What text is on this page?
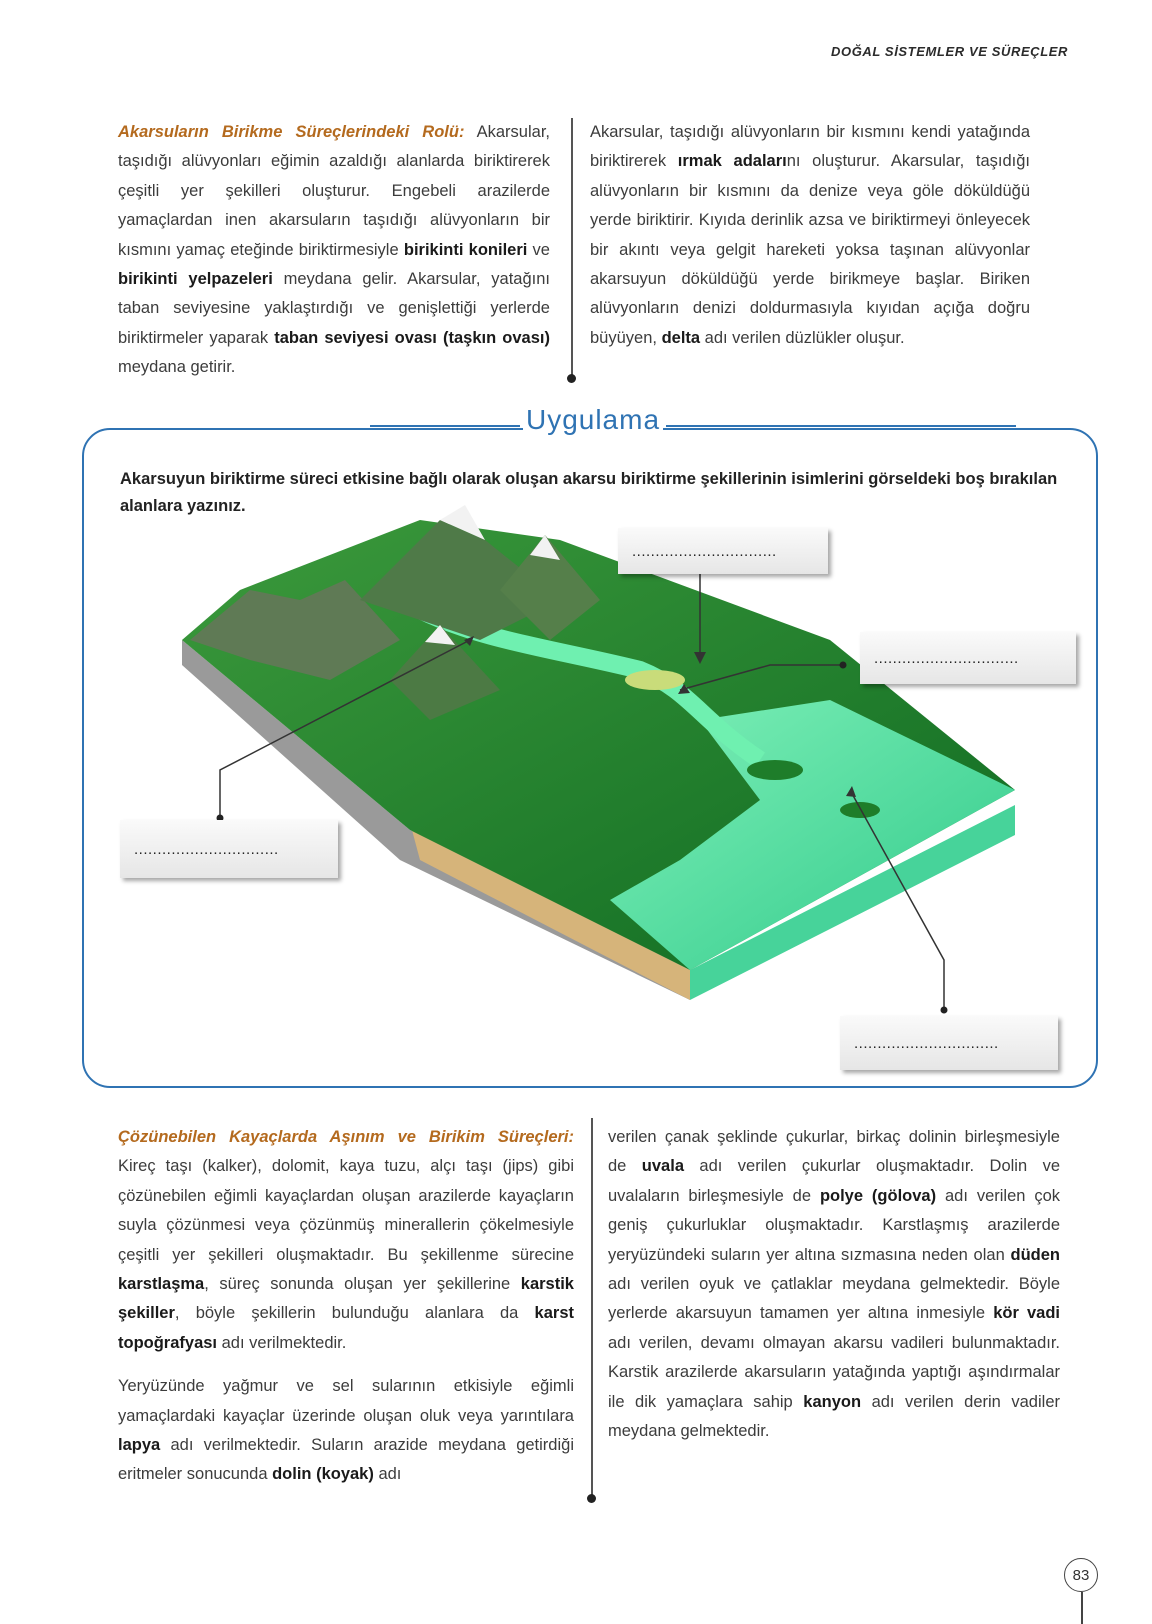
DOĞAL SİSTEMLER VE SÜREÇLER

Akarsuların Birikme Süreçlerindeki Rolü: Akarsular, taşıdığı alüvyonları eğimin azaldığı alanlarda biriktirerek çeşitli yer şekilleri oluşturur. Engebeli arazilerde yamaçlardan inen akarsuların taşıdığı alüvyonların bir kısmını yamaç eteğinde biriktirmesiyle birikinti konileri ve birikinti yelpazeleri meydana gelir. Akarsular, yatağını taban seviyesine yaklaştırdığı ve genişlettiği yerlerde biriktirmeler yaparak taban seviyesi ovası (taşkın ovası) meydana getirir.

Akarsular, taşıdığı alüvyonların bir kısmını kendi yatağında biriktirerek ırmak adalarını oluşturur. Akarsular, taşıdığı alüvyonların bir kısmını da denize veya göle döküldüğü yerde biriktirir. Kıyıda derinlik azsa ve biriktirmeyi önleyecek bir akıntı veya gelgit hareketi yoksa taşınan alüvyonlar akarsuyun döküldüğü yerde birikmeye başlar. Biriken alüvyonların denizi doldurmasıyla kıyıdan açığa doğru büyüyen, delta adı verilen düzlükler oluşur.

Uygulama

Akarsuyun biriktirme süreci etkisine bağlı olarak oluşan akarsu biriktirme şekillerinin isimlerini görseldeki boş bırakılan alanlara yazınız.

...............................
...............................
...............................
...............................

Çözünebilen Kayaçlarda Aşınım ve Birikim Süreçleri: Kireç taşı (kalker), dolomit, kaya tuzu, alçı taşı (jips) gibi çözünebilen eğimli kayaçlardan oluşan arazilerde kayaçların suyla çözünmesi veya çözünmüş minerallerin çökelmesiyle çeşitli yer şekilleri oluşmaktadır. Bu şekillenme sürecine karstlaşma, süreç sonunda oluşan yer şekillerine karstik şekiller, böyle şekillerin bulunduğu alanlara da karst topoğrafyası adı verilmektedir.

Yeryüzünde yağmur ve sel sularının etkisiyle eğimli yamaçlardaki kayaçlar üzerinde oluşan oluk veya yarıntılara lapya adı verilmektedir. Suların arazide meydana getirdiği eritmeler sonucunda dolin (koyak) adı

verilen çanak şeklinde çukurlar, birkaç dolinin birleşmesiyle de uvala adı verilen çukurlar oluşmaktadır. Dolin ve uvalaların birleşmesiyle de polye (gölova) adı verilen çok geniş çukurluklar oluşmaktadır. Karstlaşmış arazilerde yeryüzündeki suların yer altına sızmasına neden olan düden adı verilen oyuk ve çatlaklar meydana gelmektedir. Böyle yerlerde akarsuyun tamamen yer altına inmesiyle kör vadi adı verilen, devamı olmayan akarsu vadileri bulunmaktadır. Karstik arazilerde akarsuların yatağında yaptığı aşındırmalar ile dik yamaçlara sahip kanyon adı verilen derin vadiler meydana gelmektedir.

83
